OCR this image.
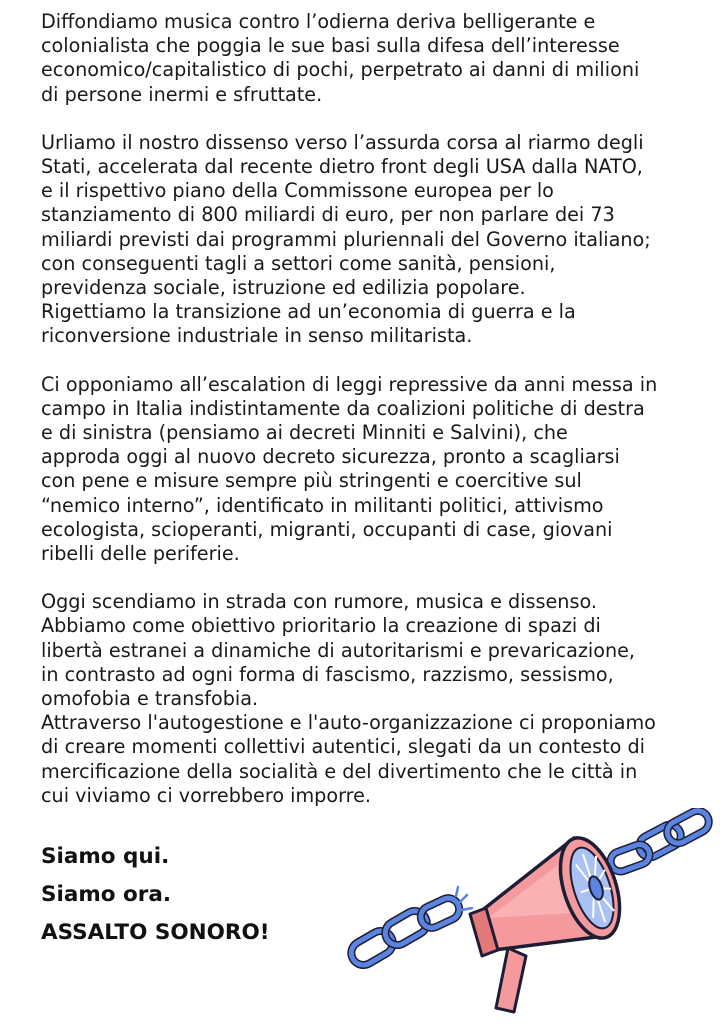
Diffondiamo musica contro l’odierna deriva belligerante e
colonialista che poggia le sue basi sulla difesa dell’interesse
economico/capitalistico di pochi, perpetrato ai danni di milioni
di persone inermi e sfruttate.
Urliamo il nostro dissenso verso l’assurda corsa al riarmo degli
Stati, accelerata dal recente dietro front degli USA dalla NATO,
e il rispettivo piano della Commissone europea per lo
stanziamento di 800 miliardi di euro, per non parlare dei 73
miliardi previsti dai programmi pluriennali del Governo italiano;
con conseguenti tagli a settori come sanità, pensioni,
previdenza sociale, istruzione ed edilizia popolare.
Rigettiamo la transizione ad un’economia di guerra e la
riconversione industriale in senso militarista.
Ci opponiamo all’escalation di leggi repressive da anni messa in
campo in Italia indistintamente da coalizioni politiche di destra
e di sinistra (pensiamo ai decreti Minniti e Salvini), che
approda oggi al nuovo decreto sicurezza, pronto a scagliarsi
con pene e misure sempre più stringenti e coercitive sul
“nemico interno”, identificato in militanti politici, attivismo
ecologista, scioperanti, migranti, occupanti di case, giovani
ribelli delle periferie.
Oggi scendiamo in strada con rumore, musica e dissenso.
Abbiamo come obiettivo prioritario la creazione di spazi di
libertà estranei a dinamiche di autoritarismi e prevaricazione,
in contrasto ad ogni forma di fascismo, razzismo, sessismo,
omofobia e transfobia.
Attraverso l'autogestione e l'auto-organizzazione ci proponiamo
di creare momenti collettivi autentici, slegati da un contesto di
mercificazione della socialità e del divertimento che le città in
cui viviamo ci vorrebbero imporre.
Siamo qui.
Siamo ora.
ASSALTO SONORO!
